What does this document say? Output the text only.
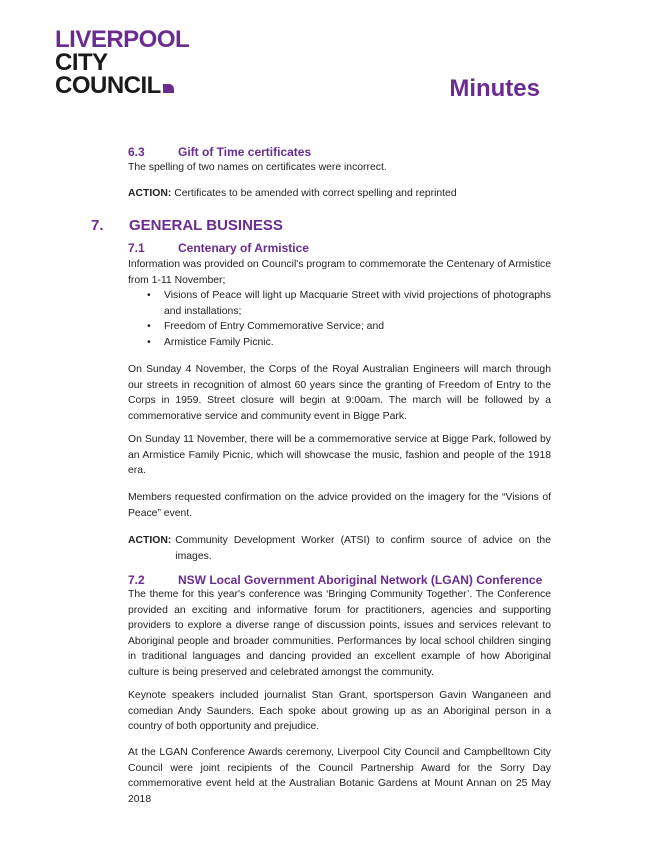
LIVERPOOL
CITY
COUNCIL	Minutes
6.3	Gift of Time certificates
The spelling of two names on certificates were incorrect.
ACTION: Certificates to be amended with correct spelling and reprinted
7. GENERAL BUSINESS
7.1	Centenary of Armistice
Information was provided on Council's program to commemorate the Centenary of Armistice from 1-11 November;
• Visions of Peace will light up Macquarie Street with vivid projections of photographs and installations;
• Freedom of Entry Commemorative Service; and
• Armistice Family Picnic.
On Sunday 4 November, the Corps of the Royal Australian Engineers will march through our streets in recognition of almost 60 years since the granting of Freedom of Entry to the Corps in 1959. Street closure will begin at 9:00am. The march will be followed by a commemorative service and community event in Bigge Park.
On Sunday 11 November, there will be a commemorative service at Bigge Park, followed by an Armistice Family Picnic, which will showcase the music, fashion and people of the 1918 era.
Members requested confirmation on the advice provided on the imagery for the “Visions of Peace” event.
ACTION: Community Development Worker (ATSI) to confirm source of advice on the images.
7.2	NSW Local Government Aboriginal Network (LGAN) Conference
The theme for this year's conference was ‘Bringing Community Together’. The Conference provided an exciting and informative forum for practitioners, agencies and supporting providers to explore a diverse range of discussion points, issues and services relevant to Aboriginal people and broader communities. Performances by local school children singing in traditional languages and dancing provided an excellent example of how Aboriginal culture is being preserved and celebrated amongst the community.
Keynote speakers included journalist Stan Grant, sportsperson Gavin Wanganeen and comedian Andy Saunders. Each spoke about growing up as an Aboriginal person in a country of both opportunity and prejudice.
At the LGAN Conference Awards ceremony, Liverpool City Council and Campbelltown City Council were joint recipients of the Council Partnership Award for the Sorry Day commemorative event held at the Australian Botanic Gardens at Mount Annan on 25 May 2018
